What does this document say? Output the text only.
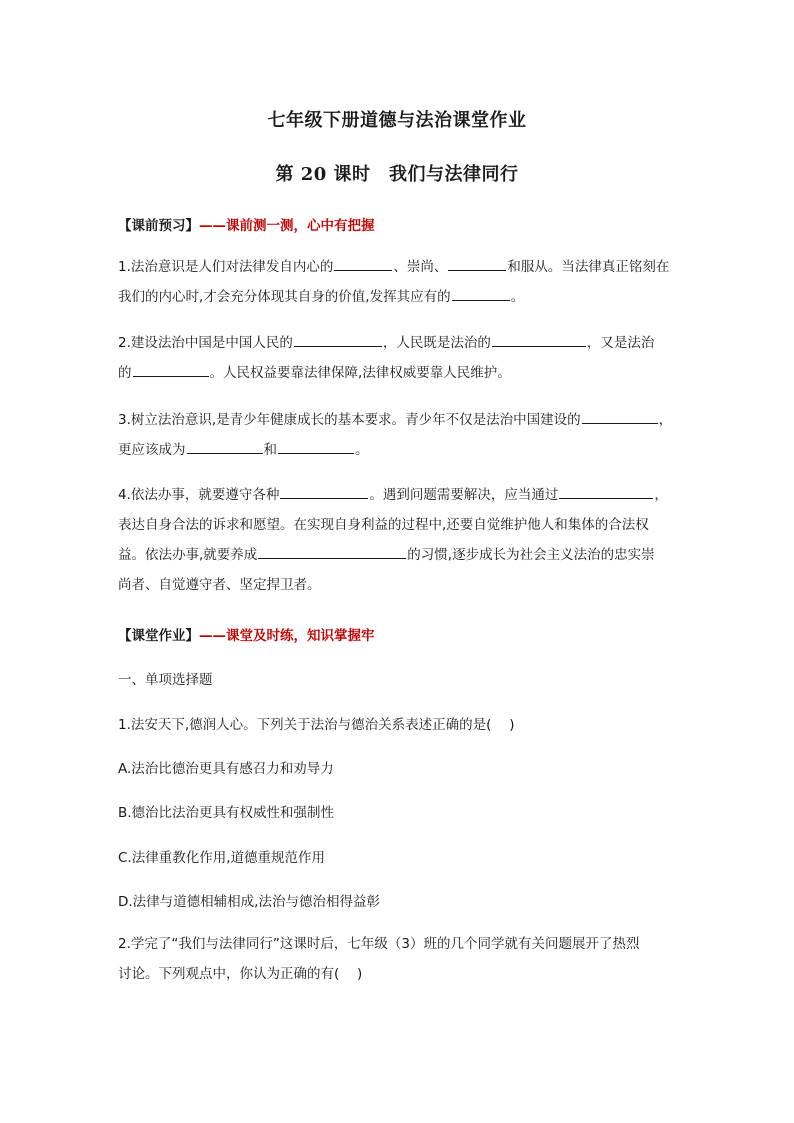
七年级下册道德与法治课堂作业
第 20 课时　我们与法律同行
【课前预习】——课前测一测，心中有把握
1.法治意识是人们对法律发自内心的	、崇尚、	和服从。当法律真正铭刻在
我们的内心时,才会充分体现其自身的价值,发挥其应有的	。
2.建设法治中国是中国人民的	，人民既是法治的	，又是法治
的	。人民权益要靠法律保障,法律权威要靠人民维护。
3.树立法治意识,是青少年健康成长的基本要求。青少年不仅是法治中国建设的	，
更应该成为	和	。
4.依法办事，就要遵守各种	。遇到问题需要解决，应当通过	，
表达自身合法的诉求和愿望。在实现自身利益的过程中,还要自觉维护他人和集体的合法权
益。依法办事,就要养成	的习惯,逐步成长为社会主义法治的忠实崇
尚者、自觉遵守者、坚定捍卫者。
【课堂作业】——课堂及时练，知识掌握牢
一、单项选择题
1.法安天下,德润人心。下列关于法治与德治关系表述正确的是(　 )
A.法治比德治更具有感召力和劝导力
B.德治比法治更具有权威性和强制性
C.法律重教化作用,道德重规范作用
D.法律与道德相辅相成,法治与德治相得益彰
2.学完了“我们与法律同行”这课时后，七年级（3）班的几个同学就有关问题展开了热烈
讨论。下列观点中，你认为正确的有(　 )
